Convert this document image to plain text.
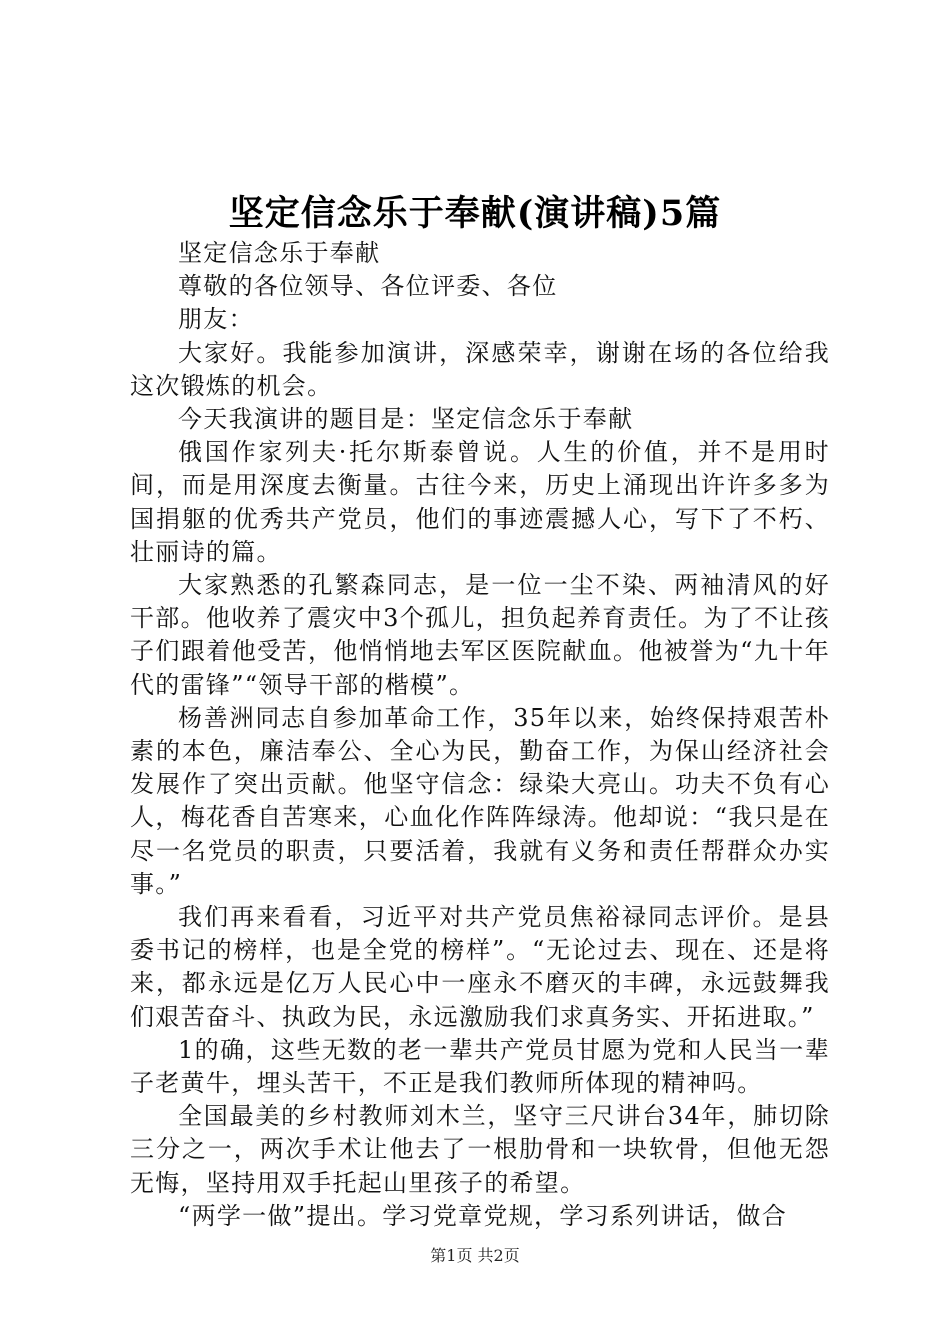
坚定信念乐于奉献(演讲稿)5篇

坚定信念乐于奉献

尊敬的各位领导、各位评委、各位

朋友：

大家好。我能参加演讲，深感荣幸，谢谢在场的各位给我这次锻炼的机会。

今天我演讲的题目是：坚定信念乐于奉献

俄国作家列夫·托尔斯泰曾说。人生的价值，并不是用时间，而是用深度去衡量。古往今来，历史上涌现出许许多多为国捐躯的优秀共产党员，他们的事迹震撼人心，写下了不朽、壮丽诗的篇。

大家熟悉的孔繁森同志，是一位一尘不染、两袖清风的好干部。他收养了震灾中3个孤儿，担负起养育责任。为了不让孩子们跟着他受苦，他悄悄地去军区医院献血。他被誉为“九十年代的雷锋”“领导干部的楷模”。

杨善洲同志自参加革命工作，35年以来，始终保持艰苦朴素的本色，廉洁奉公、全心为民，勤奋工作，为保山经济社会发展作了突出贡献。他坚守信念：绿染大亮山。功夫不负有心人，梅花香自苦寒来，心血化作阵阵绿涛。他却说：“我只是在尽一名党员的职责，只要活着，我就有义务和责任帮群众办实事。”

我们再来看看，习近平对共产党员焦裕禄同志评价。是县委书记的榜样，也是全党的榜样”。“无论过去、现在、还是将来，都永远是亿万人民心中一座永不磨灭的丰碑，永远鼓舞我们艰苦奋斗、执政为民，永远激励我们求真务实、开拓进取。”

1的确，这些无数的老一辈共产党员甘愿为党和人民当一辈子老黄牛，埋头苦干，不正是我们教师所体现的精神吗。

全国最美的乡村教师刘木兰，坚守三尺讲台34年，肺切除三分之一，两次手术让他去了一根肋骨和一块软骨，但他无怨无悔，坚持用双手托起山里孩子的希望。

“两学一做”提出。学习党章党规，学习系列讲话，做合

第1页 共2页
